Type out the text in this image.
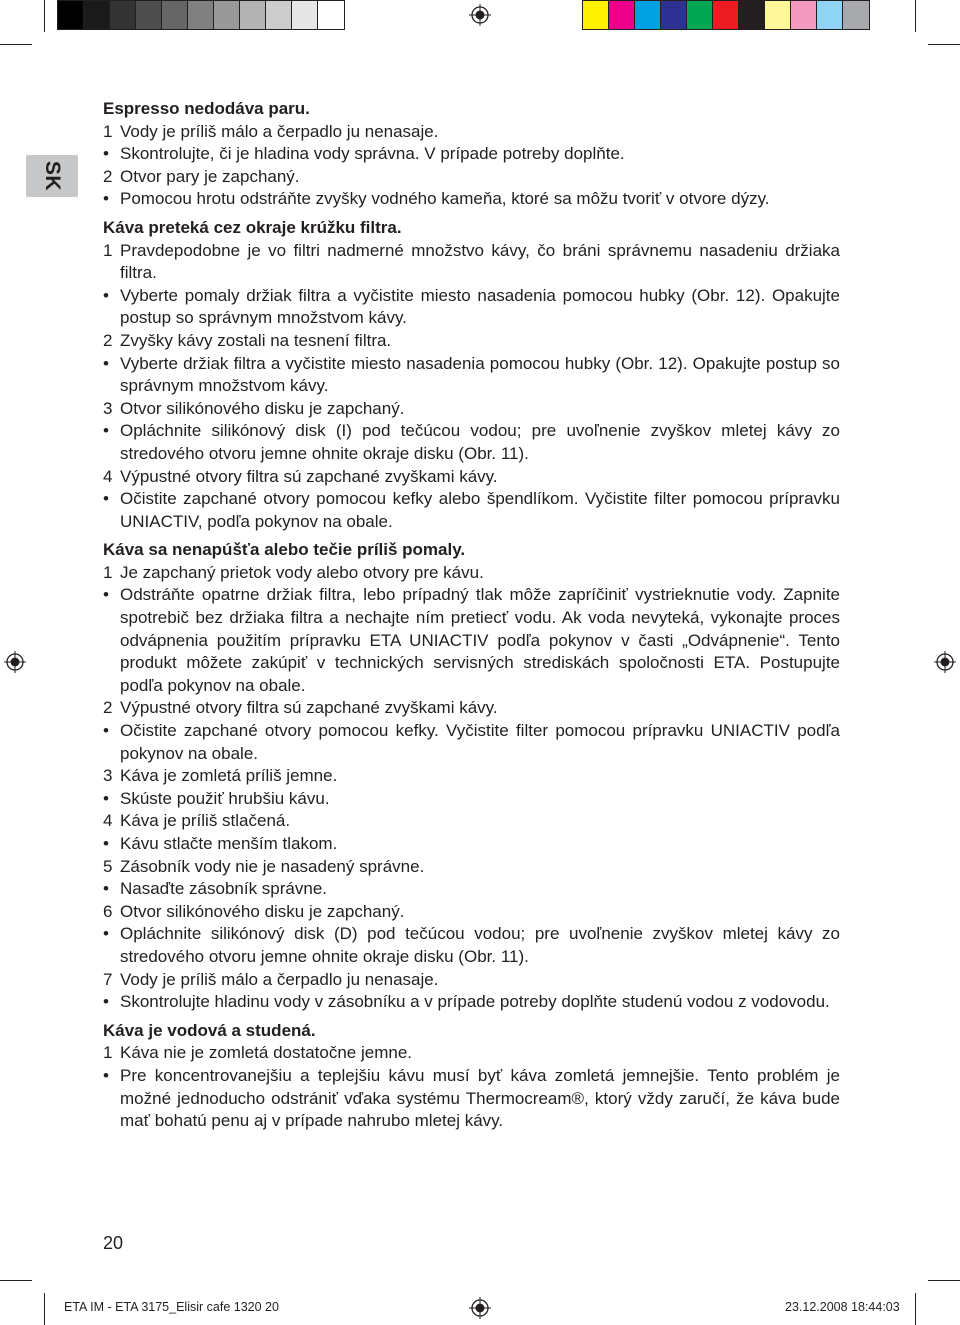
SK
Espresso nedodáva paru.
1 Vody je príliš málo a čerpadlo ju nenasaje.
• Skontrolujte, či je hladina vody správna. V prípade potreby doplňte.
2 Otvor pary je zapchaný.
• Pomocou hrotu odstráňte zvyšky vodného kameňa, ktoré sa môžu tvoriť v otvore dýzy.
Káva preteká cez okraje krúžku filtra.
1 Pravdepodobne je vo filtri nadmerné množstvo kávy, čo bráni správnemu nasadeniu držiaka filtra.
• Vyberte pomaly držiak filtra a vyčistite miesto nasadenia pomocou hubky (Obr. 12). Opakujte postup so správnym množstvom kávy.
2 Zvyšky kávy zostali na tesnení filtra.
• Vyberte držiak filtra a vyčistite miesto nasadenia pomocou hubky (Obr. 12). Opakujte postup so správnym množstvom kávy.
3 Otvor silikónového disku je zapchaný.
• Opláchnite silikónový disk (I) pod tečúcou vodou; pre uvoľnenie zvyškov mletej kávy zo stredového otvoru jemne ohnite okraje disku (Obr. 11).
4 Výpustné otvory filtra sú zapchané zvyškami kávy.
• Očistite zapchané otvory pomocou kefky alebo špendlíkom. Vyčistite filter pomocou prípravku UNIACTIV, podľa pokynov na obale.
Káva sa nenapúšťa alebo tečie príliš pomaly.
1 Je zapchaný prietok vody alebo otvory pre kávu.
• Odstráňte opatrne držiak filtra, lebo prípadný tlak môže zapríčiniť vystrieknutie vody. Zapnite spotrebič bez držiaka filtra a nechajte ním pretiecť vodu. Ak voda nevyteká, vykonajte proces odvápnenia použitím prípravku ETA UNIACTIV podľa pokynov v časti „Odvápnenie“. Tento produkt môžete zakúpiť v technických servisných strediskách spoločnosti ETA. Postupujte podľa pokynov na obale.
2 Výpustné otvory filtra sú zapchané zvyškami kávy.
• Očistite zapchané otvory pomocou kefky. Vyčistite filter pomocou prípravku UNIACTIV podľa pokynov na obale.
3 Káva je zomletá príliš jemne.
• Skúste použiť hrubšiu kávu.
4 Káva je príliš stlačená.
• Kávu stlačte menším tlakom.
5 Zásobník vody nie je nasadený správne.
• Nasaďte zásobník správne.
6 Otvor silikónového disku je zapchaný.
• Opláchnite silikónový disk (D) pod tečúcou vodou; pre uvoľnenie zvyškov mletej kávy zo stredového otvoru jemne ohnite okraje disku (Obr. 11).
7 Vody je príliš málo a čerpadlo ju nenasaje.
• Skontrolujte hladinu vody v zásobníku a v prípade potreby doplňte studenú vodou z vodovodu.
Káva je vodová a studená.
1 Káva nie je zomletá dostatočne jemne.
• Pre koncentrovanejšiu a teplejšiu kávu musí byť káva zomletá jemnejšie. Tento problém je možné jednoducho odstrániť vďaka systému Thermocream®, ktorý vždy zaručí, že káva bude mať bohatú penu aj v prípade nahrubo mletej kávy.
20
ETA IM - ETA 3175_Elisir cafe 1320 20	23.12.2008 18:44:03
